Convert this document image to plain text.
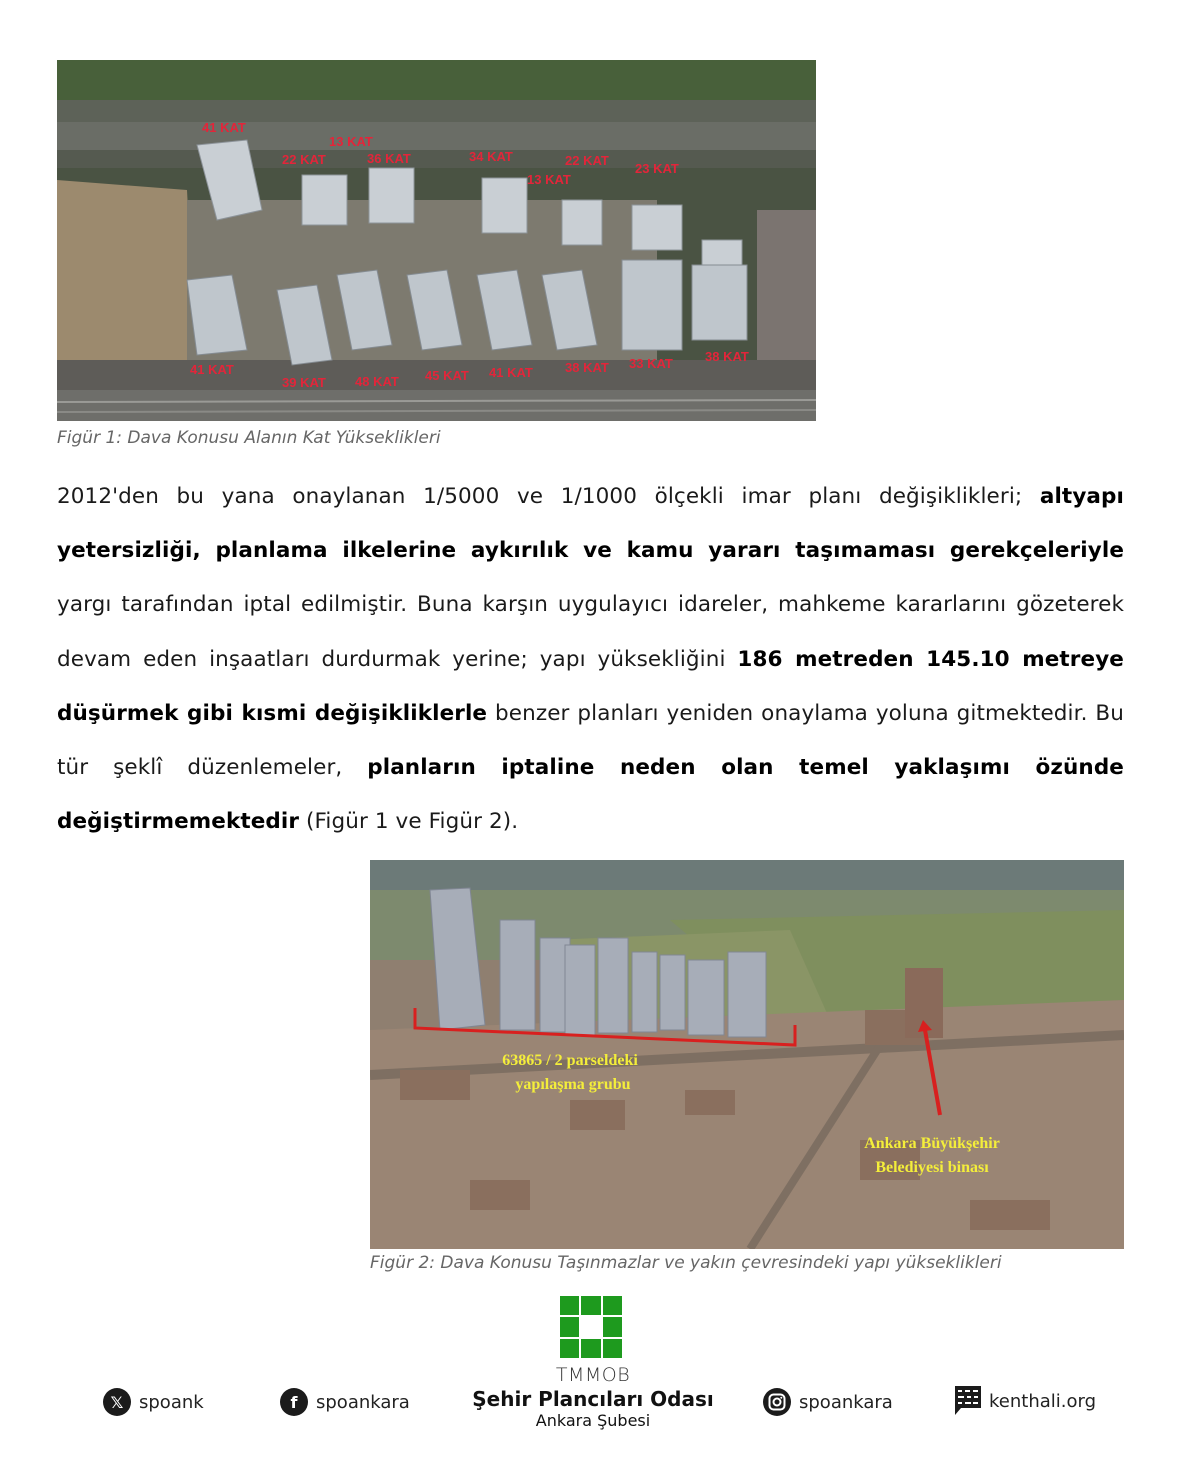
41 KAT
22 KAT
13 KAT
36 KAT	34 KAT
13 KAT
22 KAT
23 KAT
41 KAT
39 KAT 48 KAT 45 KAT 41 KAT 38 KAT 33 KAT 38 KAT
Figür 1: Dava Konusu Alanın Kat Yükseklikleri
2012'den bu yana onaylanan 1/5000 ve 1/1000 ölçekli imar planı değişiklikleri; altyapı yetersizliği, planlama ilkelerine aykırılık ve kamu yararı taşımaması gerekçeleriyle yargı tarafından iptal edilmiştir. Buna karşın uygulayıcı idareler, mahkeme kararlarını gözeterek devam eden inşaatları durdurmak yerine; yapı yüksekliğini 186 metreden 145.10 metreye düşürmek gibi kısmi değişikliklerle benzer planları yeniden onaylama yoluna gitmektedir. Bu tür şeklî düzenlemeler, planların iptaline neden olan temel yaklaşımı özünde değiştirmemektedir (Figür 1 ve Figür 2).
63865 / 2 parseldeki
yapılaşma grubu
Ankara Büyükşehir
Belediyesi binası
Figür 2: Dava Konusu Taşınmazlar ve yakın çevresindeki yapı yükseklikleri
TMMOB
Şehir Plancıları Odası
Ankara Şubesi
𝕏 spoank	f	spoankara	spoankara	kenthali.org
